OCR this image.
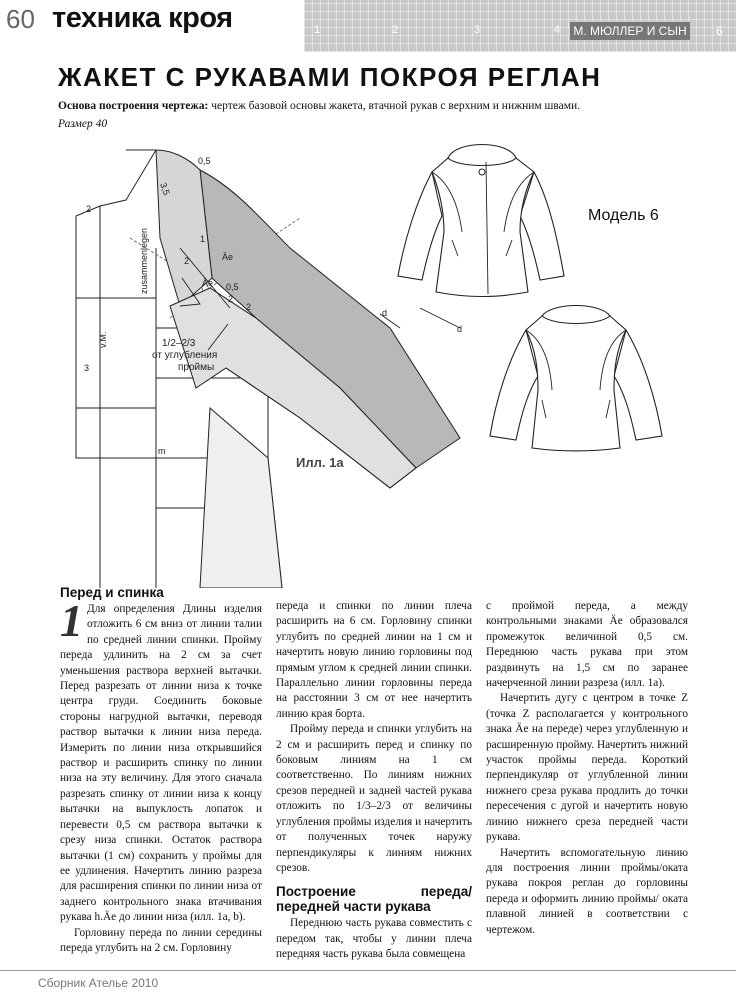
60 техника кроя	1	2	3	4 М. МЮЛЛЕР И СЫН 6
ЖАКЕТ С РУКАВАМИ ПОКРОЯ РЕГЛАН
Основа построения чертежа: чертеж базовой основы жакета, втачной рукав с верхним и нижним швами.
Размер 40
2
3,5
0,5
1
2	Äe
Äe 0,5
2
2
zusammenlegen
v.M.
3
m
d
d
1/2–2/3
от углубления
проймы
Илл. 1а
Модель 6

Перед и спинка

1 Для определения Длины изделия отложить 6 см вниз от линии талии по средней линии спинки. Пройму переда удлинить на 2 см за счет уменьшения раствора верхней вытачки. Перед разрезать от линии низа к точке центра груди. Соединить боковые стороны нагрудной вытачки, переводя раствор вытачки к линии низа переда. Измерить по линии низа открывшийся раствор и расширить спинку по линии низа на эту величину. Для этого сначала разрезать спинку от линии низа к концу вытачки на выпуклость лопаток и перевести 0,5 см раствора вытачки к срезу низа спинки. Остаток раствора вытачки (1 см) сохранить у проймы для ее удлинения. Начертить линию разреза для расширения спинки по линии низа от заднего контрольного знака втачивания рукава h.Äe до линии низа (илл. 1a, b).

Горловину переда по линии середины переда углубить на 2 см. Горловину

переда и спинки по линии плеча расширить на 6 см. Горловину спинки углубить по средней линии на 1 см и начертить новую линию горловины под прямым углом к средней линии спинки. Параллельно линии горловины переда на расстоянии 3 см от нее начертить линию края борта.

Пройму переда и спинки углубить на 2 см и расширить перед и спинку по боковым линиям на 1 см соответственно. По линиям нижних срезов передней и задней частей рукава отложить по 1/3–2/3 от величины углубления проймы изделия и начертить от полученных точек наружу перпендикуляры к линиям нижних срезов.

Построение переда/ передней части рукава

Переднюю часть рукава совместить с передом так, чтобы у линии плеча передняя часть рукава была совмещена

с проймой переда, а между контрольными знаками Äe образовался промежуток величиной 0,5 см. Переднюю часть рукава при этом раздвинуть на 1,5 см по заранее начерченной линии разреза (илл. 1а).

Начертить дугу с центром в точке Z (точка Z располагается у контрольного знака Äe на переде) через углубленную и расширенную пройму. Начертить нижний участок проймы переда. Короткий перпендикуляр от углубленной линии нижнего среза рукава продлить до точки пересечения с дугой и начертить новую линию нижнего среза передней части рукава.

Начертить вспомогательную линию для построения линии проймы/оката рукава покроя реглан до горловины переда и оформить линию проймы/ оката плавной линией в соответствии с чертежом.

Сборник Ателье 2010
